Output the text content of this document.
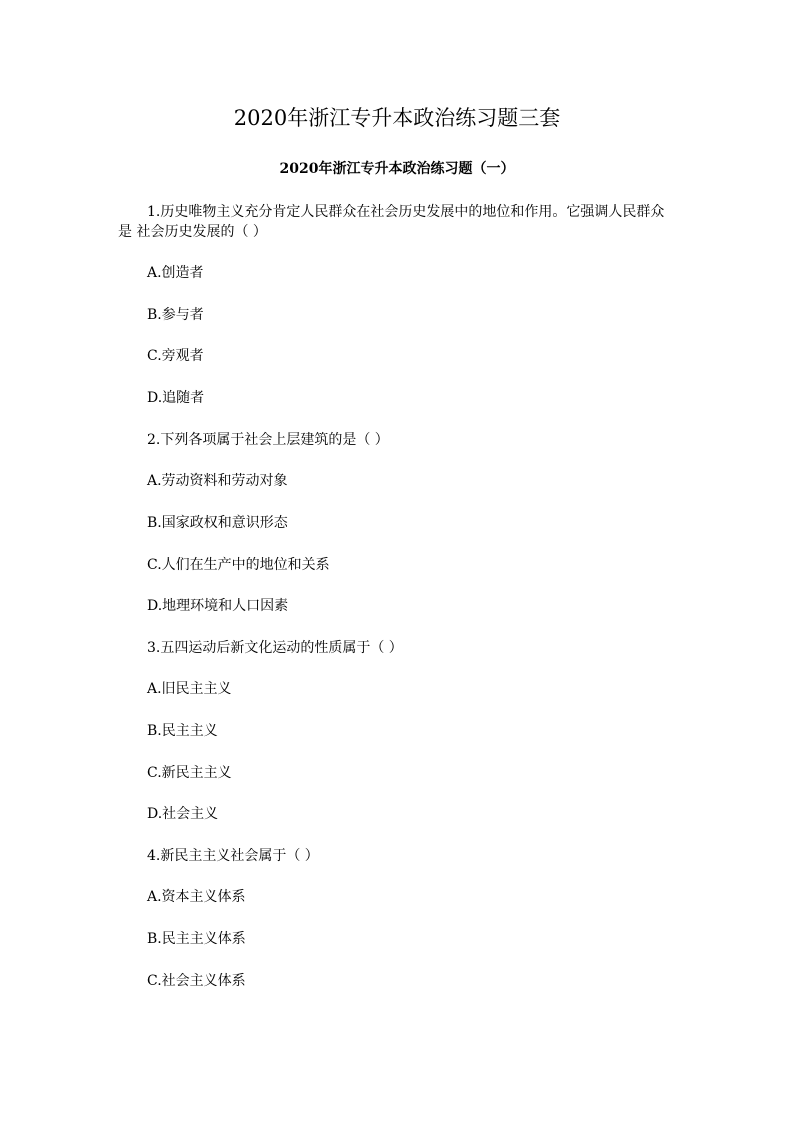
2020年浙江专升本政治练习题三套
2020年浙江专升本政治练习题（一）

1.历史唯物主义充分肯定人民群众在社会历史发展中的地位和作用。它强调人民群众是 社会历史发展的（ ）

A.创造者

B.参与者

C.旁观者

D.追随者

2.下列各项属于社会上层建筑的是（ ）

A.劳动资料和劳动对象

B.国家政权和意识形态

C.人们在生产中的地位和关系

D.地理环境和人口因素

3.五四运动后新文化运动的性质属于（ ）

A.旧民主主义

B.民主主义

C.新民主主义

D.社会主义

4.新民主主义社会属于（ ）

A.资本主义体系

B.民主主义体系

C.社会主义体系
